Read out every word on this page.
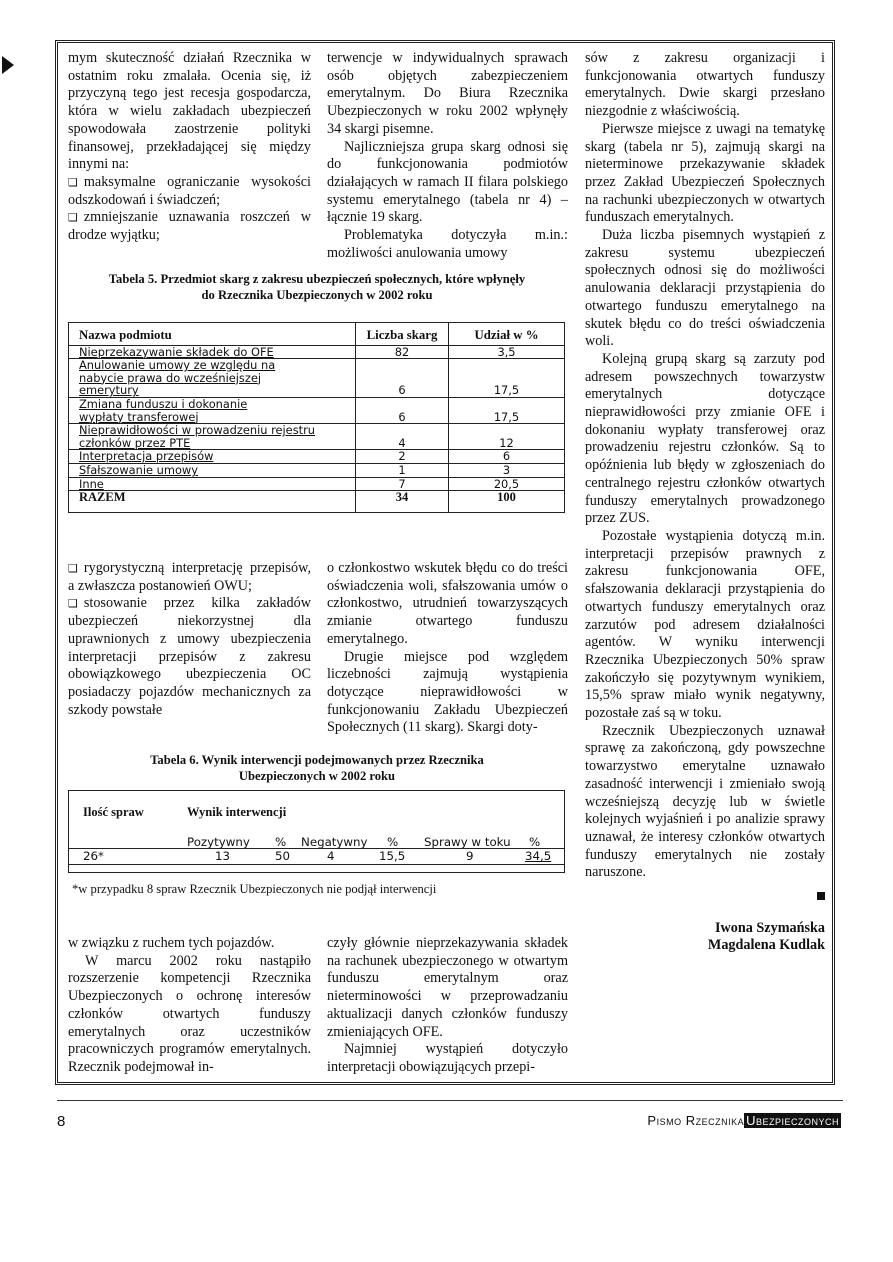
mym skuteczność działań Rzecznika w ostatnim roku zmalała. Ocenia się, iż przyczyną tego jest recesja gospodarcza, która w wielu zakładach ubezpieczeń spowodowała zaostrzenie polityki finansowej, przekładającej się między innymi na:

❑ maksymalne ograniczanie wysokości odszkodowań i świadczeń;

❑ zmniejszanie uznawania roszczeń w drodze wyjątku;

terwencje w indywidualnych sprawach osób objętych zabezpieczeniem emerytalnym. Do Biura Rzecznika Ubezpieczonych w roku 2002 wpłynęły 34 skargi pisemne.

Najliczniejsza grupa skarg odnosi się do funkcjonowania podmiotów działających w ramach II filara polskiego systemu emerytalnego (tabela nr 4) – łącznie 19 skarg.

Problematyka dotyczyła m.in.: możliwości anulowania umowy

Tabela 5. Przedmiot skarg z zakresu ubezpieczeń społecznych, które wpłynęły
do Rzecznika Ubezpieczonych w 2002 roku
Nazwa podmiotu	Liczba skarg	Udział w %
Nieprzekazywanie składek do OFE	82	3,5

Anulowanie umowy ze względu na nabycie prawa do wcześniejszej emerytury	6	17,5

Zmiana funduszu i dokonanie wypłaty transferowej	6	17,5

Nieprawidłowości w prowadzeniu rejestru członków przez PTE	4	12
Interpretacja przepisów	2	6
Sfałszowanie umowy	1	3
Inne	7	20,5
RAZEM	34	100

❑ rygorystyczną interpretację przepisów, a zwłaszcza postanowień OWU;

❑ stosowanie przez kilka zakładów ubezpieczeń niekorzystnej dla uprawnionych z umowy ubezpieczenia interpretacji przepisów z zakresu obowiązkowego ubezpieczenia OC posiadaczy pojazdów mechanicznych za szkody powstałe

o członkostwo wskutek błędu co do treści oświadczenia woli, sfałszowania umów o członkostwo, utrudnień towarzyszących zmianie otwartego funduszu emerytalnego.

Drugie miejsce pod względem liczebności zajmują wystąpienia dotyczące nieprawidłowości w funkcjonowaniu Zakładu Ubezpieczeń Społecznych (11 skarg). Skargi doty-

Tabela 6. Wynik interwencji podejmowanych przez Rzecznika
Ubezpieczonych w 2002 roku
Ilość spraw	Wynik interwencji
Pozytywny % Negatywny % Sprawy w toku %
26*	13	50	4	15,5	9	34,5
*w przypadku 8 spraw Rzecznik Ubezpieczonych nie podjął interwencji

w związku z ruchem tych pojazdów.

W marcu 2002 roku nastąpiło rozszerzenie kompetencji Rzecznika Ubezpieczonych o ochronę interesów członków otwartych funduszy emerytalnych oraz uczestników pracowniczych programów emerytalnych. Rzecznik podejmował in-

czyły głównie nieprzekazywania składek na rachunek ubezpieczonego w otwartym funduszu emerytalnym oraz nieterminowości w przeprowadzaniu aktualizacji danych członków funduszy zmieniających OFE.

Najmniej wystąpień dotyczyło interpretacji obowiązujących przepi-

sów z zakresu organizacji i funkcjonowania otwartych funduszy emerytalnych. Dwie skargi przesłano niezgodnie z właściwością.

Pierwsze miejsce z uwagi na tematykę skarg (tabela nr 5), zajmują skargi na nieterminowe przekazywanie składek przez Zakład Ubezpieczeń Społecznych na rachunki ubezpieczonych w otwartych funduszach emerytalnych.

Duża liczba pisemnych wystąpień z zakresu systemu ubezpieczeń społecznych odnosi się do możliwości anulowania deklaracji przystąpienia do otwartego funduszu emerytalnego na skutek błędu co do treści oświadczenia woli.

Kolejną grupą skarg są zarzuty pod adresem powszechnych towarzystw emerytalnych dotyczące nieprawidłowości przy zmianie OFE i dokonaniu wypłaty transferowej oraz prowadzeniu rejestru członków. Są to opóźnienia lub błędy w zgłoszeniach do centralnego rejestru członków otwartych funduszy emerytalnych prowadzonego przez ZUS.

Pozostałe wystąpienia dotyczą m.in. interpretacji przepisów prawnych z zakresu funkcjonowania OFE, sfałszowania deklaracji przystąpienia do otwartych funduszy emerytalnych oraz zarzutów pod adresem działalności agentów. W wyniku interwencji Rzecznika Ubezpieczonych 50% spraw zakończyło się pozytywnym wynikiem, 15,5% spraw miało wynik negatywny, pozostałe zaś są w toku.

Rzecznik Ubezpieczonych uznawał sprawę za zakończoną, gdy powszechne towarzystwo emerytalne uznawało zasadność interwencji i zmieniało swoją wcześniejszą decyzję lub w świetle kolejnych wyjaśnień i po analizie sprawy uznawał, że interesy członków otwartych funduszy emerytalnych nie zostały naruszone.

Iwona Szymańska

Magdalena Kudlak

8	Pismo Rzecznika Ubezpieczonych
